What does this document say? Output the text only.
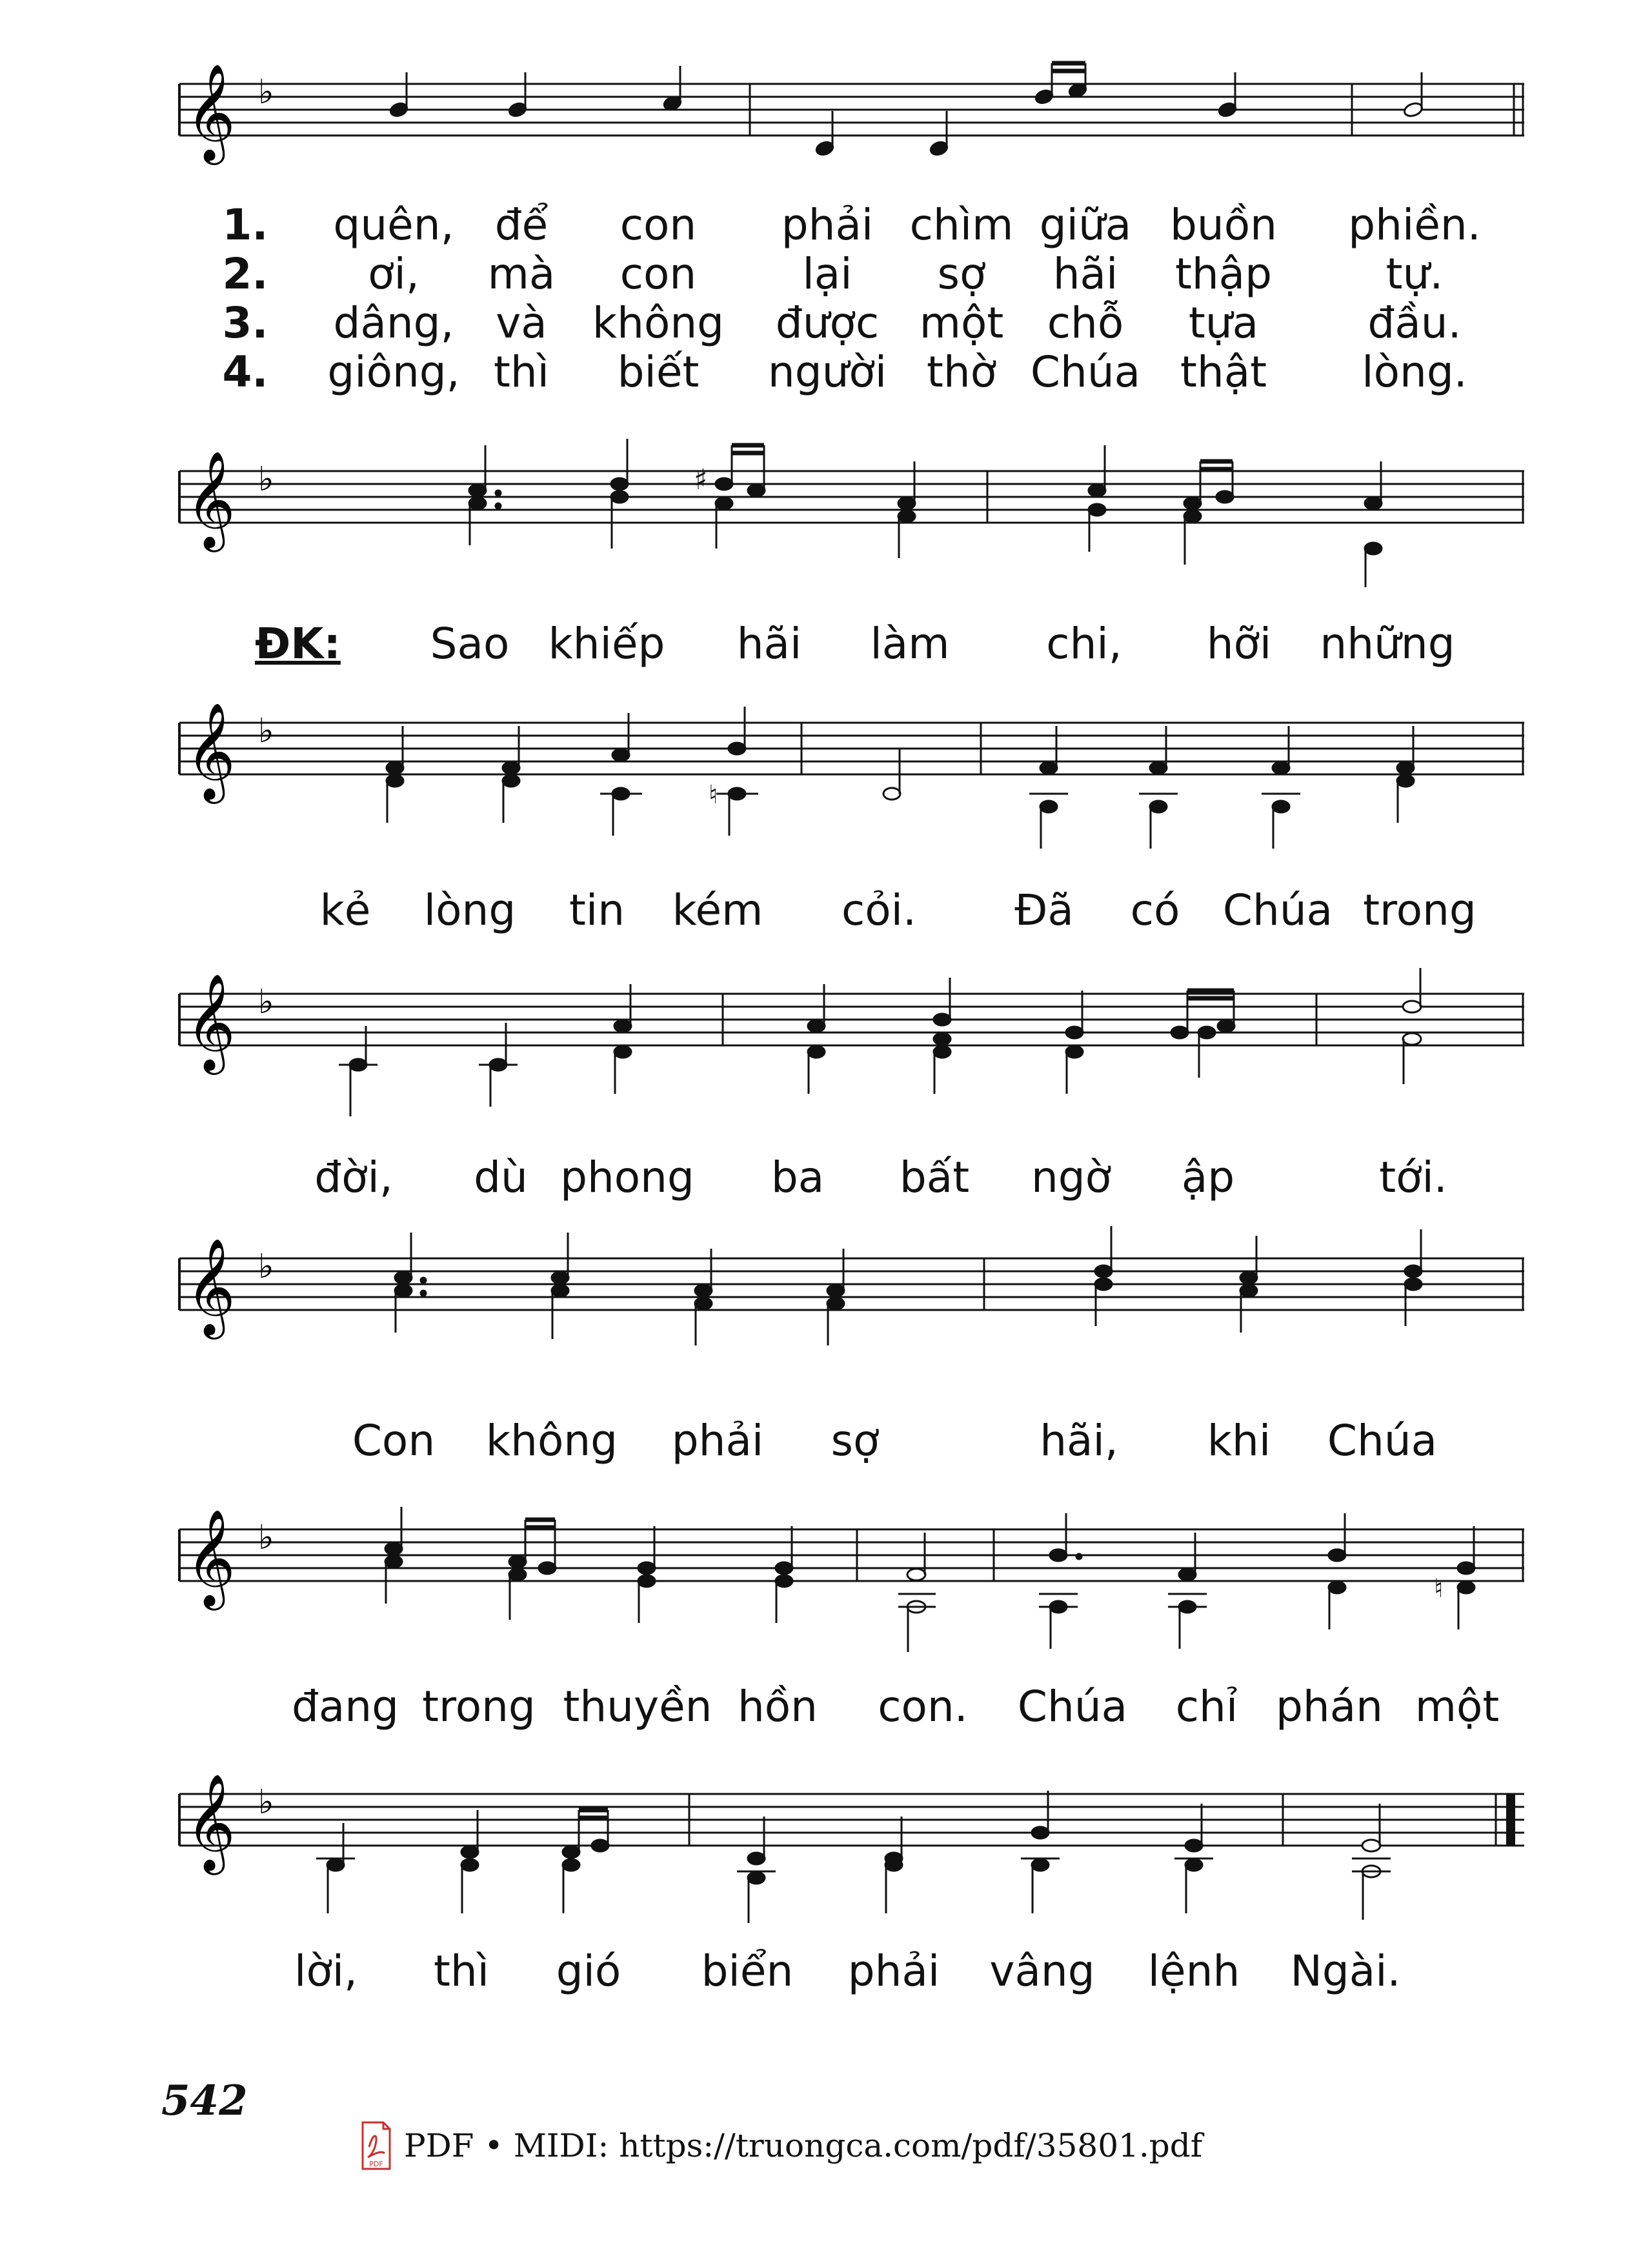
𝄞 ♭
1. quên, để con phải chìm giữa buồn phiền.
2. ơi, mà con lại sợ hãi thập	tự.
3. dâng, và không được một chỗ tựa	đầu.
4. giông, thì biết người thờ Chúa thật lòng.
𝄞 ♭	♯
ĐK: Sao khiếp hãi làm chi, hỡi những
𝄞 ♭
♮
kẻ lòng tin kém cỏi. Đã có Chúa trong
𝄞 ♭
đời, dù phong ba bất ngờ ập	tới.
𝄞 ♭
Con không phải sợ	hãi, khi Chúa
𝄞 ♭
♮
đang trong thuyền hồn con. Chúa chỉ phán một
𝄞 ♭
lời, thì gió biển phải vâng lệnh Ngài.
542
PDF PDF • MIDI: https://truongca.com/pdf/35801.pdf
